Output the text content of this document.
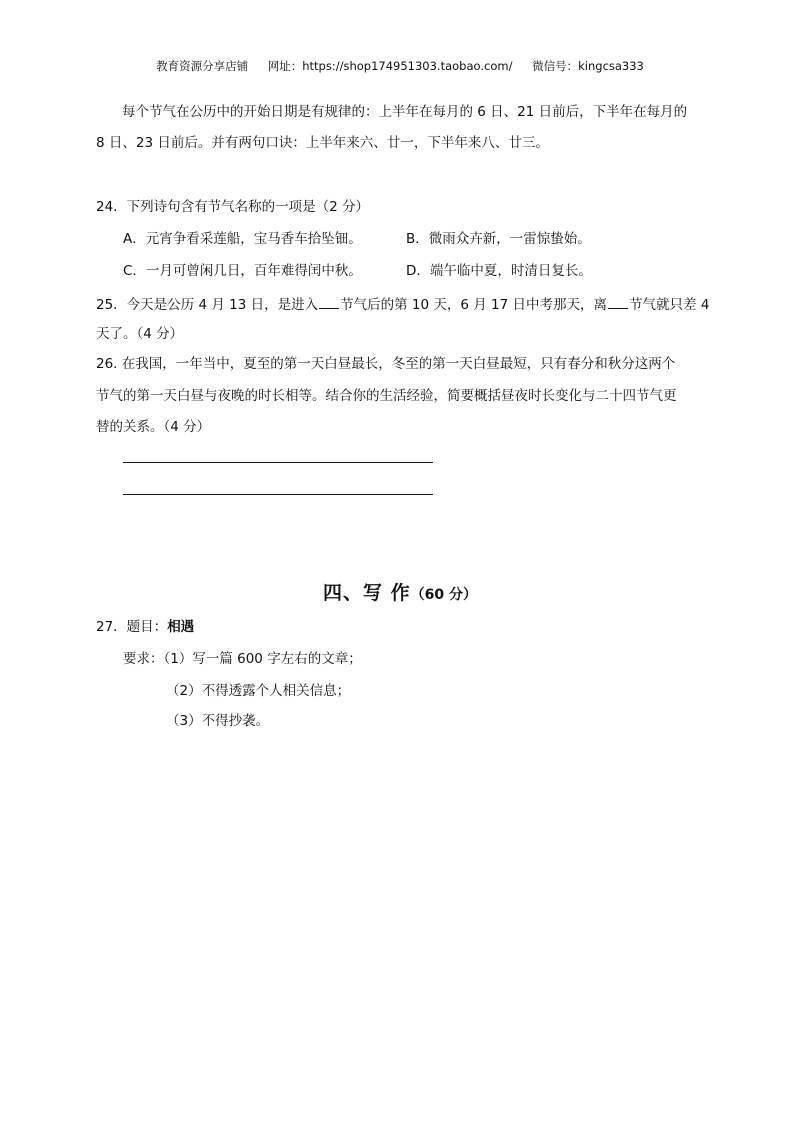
教育资源分享店铺 网址：https://shop174951303.taobao.com/ 微信号：kingcsa333
每个节气在公历中的开始日期是有规律的：上半年在每月的 6 日、21 日前后，下半年在每月的
8 日、23 日前后。并有两句口诀：上半年来六、廿一，下半年来八、廿三。
24．下列诗句含有节气名称的一项是（2 分）
A．元宵争看采莲船，宝马香车拾坠钿。	B．微雨众卉新，一雷惊蛰始。
C．一月可曾闲几日，百年难得闰中秋。	D．端午临中夏，时清日复长。
25．今天是公历 4 月 13 日，是进入 节气后的第 10 天，6 月 17 日中考那天，离 节气就只差 4
天了。（4 分）
26. 在我国，一年当中，夏至的第一天白昼最长，冬至的第一天白昼最短，只有春分和秋分这两个
节气的第一天白昼与夜晚的时长相等。结合你的生活经验，简要概括昼夜时长变化与二十四节气更
替的关系。（4 分）
四、写 作（60 分）
27．题目：相遇
要求：（1）写一篇 600 字左右的文章；
（2）不得透露个人相关信息；
（3）不得抄袭。
